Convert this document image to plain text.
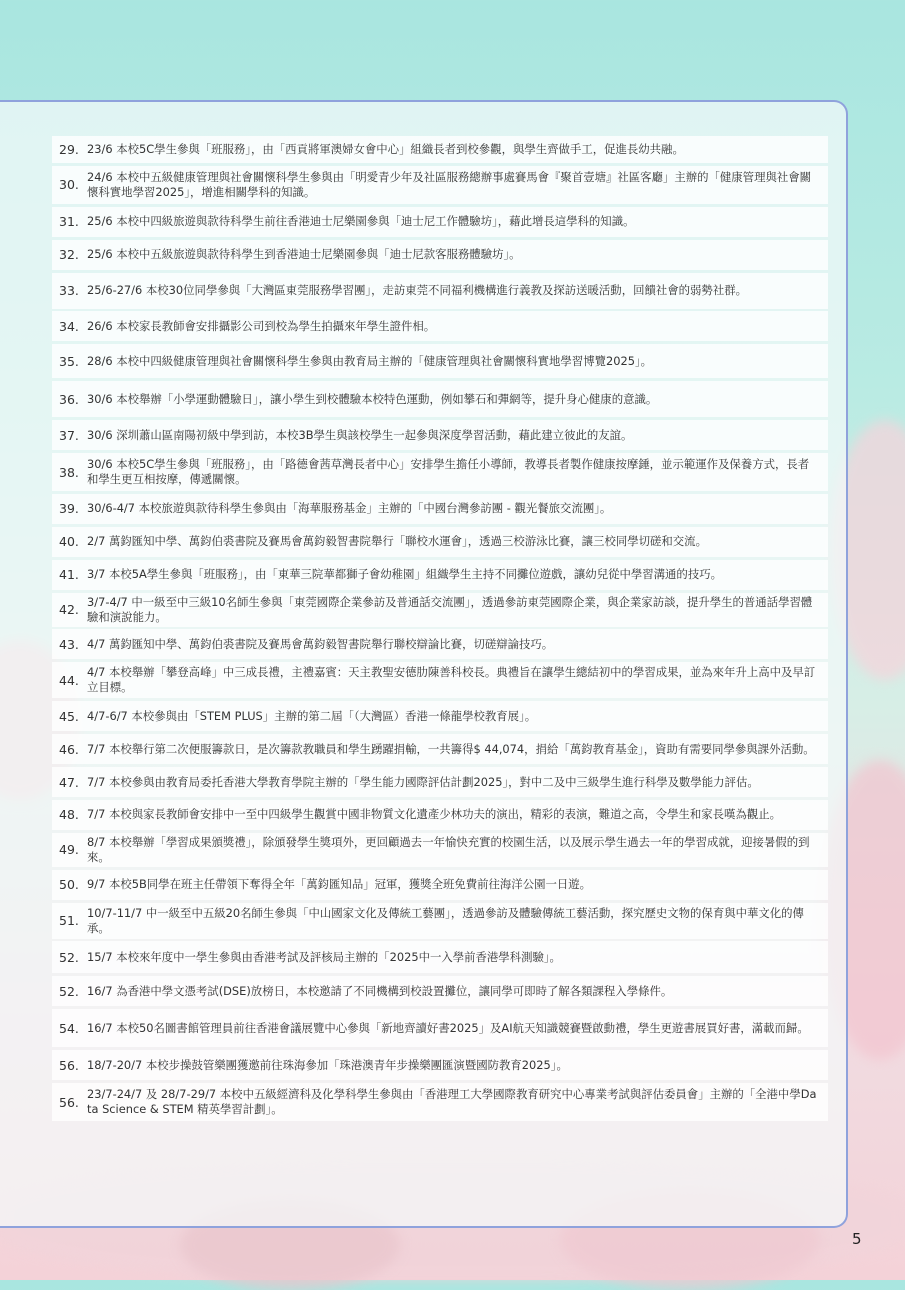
29. 23/6 本校5C學生參與「班服務」，由「西貢將軍澳婦女會中心」組織長者到校參觀，與學生齊做手工，促進長幼共融。
30.
24/6 本校中五級健康管理與社會關懷科學生參與由「明愛青少年及社區服務總辦事處賽馬會『聚首壹塘』社區客廳」主辦的「健康管理與社會關懷科實地學習2025」，增進相關學科的知識。
31. 25/6 本校中四級旅遊與款待科學生前往香港迪士尼樂園參與「迪士尼工作體驗坊」，藉此增長這學科的知識。
32. 25/6 本校中五級旅遊與款待科學生到香港迪士尼樂園參與「迪士尼款客服務體驗坊」。
33. 25/6-27/6 本校30位同學參與「大灣區東莞服務學習團」，走訪東莞不同福利機構進行義教及探訪送暖活動，回饋社會的弱勢社群。
34. 26/6 本校家長教師會安排攝影公司到校為學生拍攝來年學生證件相。
35. 28/6 本校中四級健康管理與社會關懷科學生參與由教育局主辦的「健康管理與社會關懷科實地學習博覽2025」。
36. 30/6 本校舉辦「小學運動體驗日」，讓小學生到校體驗本校特色運動，例如攀石和彈網等，提升身心健康的意識。
37. 30/6 深圳蕭山區南陽初級中學到訪，本校3B學生與該校學生一起參與深度學習活動，藉此建立彼此的友誼。
38.
30/6 本校5C學生參與「班服務」，由「路德會茜草灣長者中心」安排學生擔任小導師，教導長者製作健康按摩錘，並示範運作及保養方式，長者和學生更互相按摩，傳遞關懷。
39. 30/6-4/7 本校旅遊與款待科學生參與由「海華服務基金」主辦的「中國台灣參訪團 - 觀光餐旅交流團」。
40. 2/7 萬鈞匯知中學、萬鈞伯裘書院及賽馬會萬鈞毅智書院舉行「聯校水運會」，透過三校游泳比賽，讓三校同學切磋和交流。
41. 3/7 本校5A學生參與「班服務」，由「東華三院華都獅子會幼稚園」組織學生主持不同攤位遊戲，讓幼兒從中學習溝通的技巧。
42.
3/7-4/7 中一級至中三級10名師生參與「東莞國際企業參訪及普通話交流團」，透過參訪東莞國際企業，與企業家訪談，提升學生的普通話學習體驗和演說能力。
43. 4/7 萬鈞匯知中學、萬鈞伯裘書院及賽馬會萬鈞毅智書院舉行聯校辯論比賽，切磋辯論技巧。
44.
4/7 本校舉辦「攀登高峰」中三成長禮，主禮嘉賓：天主教聖安德肋陳善科校長。典禮旨在讓學生總結初中的學習成果，並為來年升上高中及早訂立目標。
45. 4/7-6/7 本校參與由「STEM PLUS」主辦的第二屆「（大灣區）香港一條龍學校教育展」。
46. 7/7 本校舉行第二次便服籌款日，是次籌款教職員和學生踴躍捐輸，一共籌得$ 44,074，捐給「萬鈞教育基金」，資助有需要同學參與課外活動。
47. 7/7 本校參與由教育局委托香港大學教育學院主辦的「學生能力國際評估計劃2025」，對中二及中三級學生進行科學及數學能力評估。
48. 7/7 本校與家長教師會安排中一至中四級學生觀賞中國非物質文化遺產少林功夫的演出，精彩的表演，難道之高，令學生和家長嘆為觀止。
49.
8/7 本校舉辦「學習成果頒獎禮」，除頒發學生獎項外，更回顧過去一年愉快充實的校園生活，以及展示學生過去一年的學習成就，迎接暑假的到來。
50. 9/7 本校5B同學在班主任帶領下奪得全年「萬鈞匯知品」冠軍，獲獎全班免費前往海洋公園一日遊。
51.
10/7-11/7 中一級至中五級20名師生參與「中山國家文化及傳統工藝團」，透過參訪及體驗傳統工藝活動，探究歷史文物的保育與中華文化的傳承。
52. 15/7 本校來年度中一學生參與由香港考試及評核局主辦的「2025中一入學前香港學科測驗」。
52. 16/7 為香港中學文憑考試(DSE)放榜日，本校邀請了不同機構到校設置攤位，讓同學可即時了解各類課程入學條件。
54. 16/7 本校50名圖書館管理員前往香港會議展覽中心參與「新地齊讀好書2025」及AI航天知識競賽暨啟動禮，學生更遊書展買好書，滿載而歸。
56. 18/7-20/7 本校步操鼓管樂團獲邀前往珠海參加「珠港澳青年步操樂團匯演暨國防教育2025」。
56.
23/7-24/7 及 28/7-29/7 本校中五級經濟科及化學科學生參與由「香港理工大學國際教育研究中心專業考試與評估委員會」主辦的「全港中學Data Science & STEM 精英學習計劃」。
5
